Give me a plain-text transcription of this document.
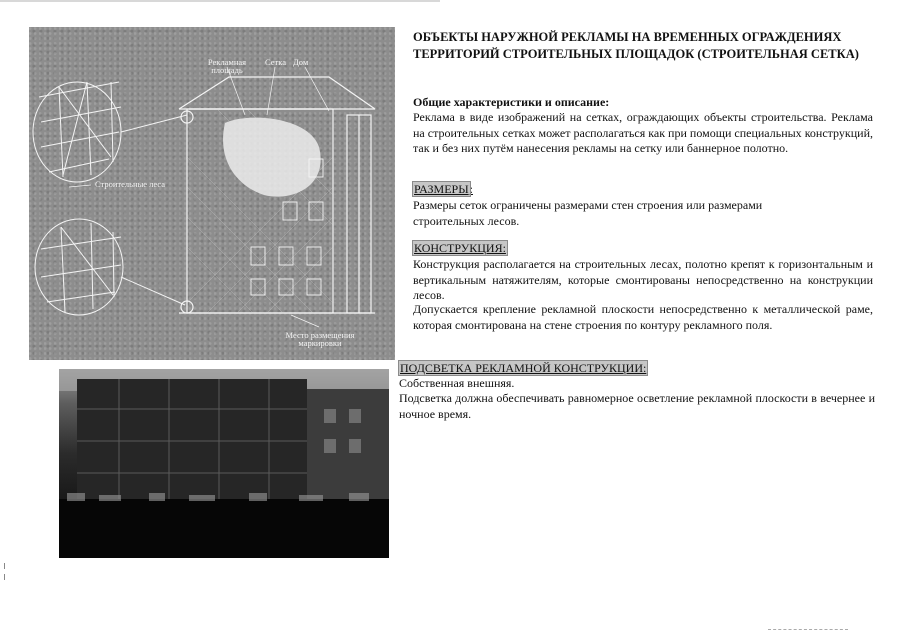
Рекламная площадь
Сетка Дом
Строительные леса
Место размещения маркировки
ОБЪЕКТЫ НАРУЖНОЙ РЕКЛАМЫ НА ВРЕМЕННЫХ ОГРАЖДЕНИЯХ ТЕРРИТОРИЙ СТРОИТЕЛЬНЫХ ПЛОЩАДОК (СТРОИТЕЛЬНАЯ СЕТКА)

Общие характеристики и описание:

Реклама в виде изображений на сетках, ограждающих объекты строительства. Реклама на строительных сетках может располагаться как при помощи специальных конструкций, так и без них путём нанесения рекламы на сетку или баннерное полотно.

РАЗМЕРЫ:

Размеры сеток ограничены размерами стен строения или размерами строительных лесов.

КОНСТРУКЦИЯ:

Конструкция располагается на строительных лесах, полотно крепят к горизонтальным и вертикальным натяжителям, которые смонтированы непосредственно на конструкции лесов.

Допускается крепление рекламной плоскости непосредственно к металлической раме, которая смонтирована на стене строения по контуру рекламного поля.

ПОДСВЕТКА РЕКЛАМНОЙ КОНСТРУКЦИИ:

Собственная внешняя.

Подсветка должна обеспечивать равномерное осветление рекламной плоскости в вечернее и ночное время.
